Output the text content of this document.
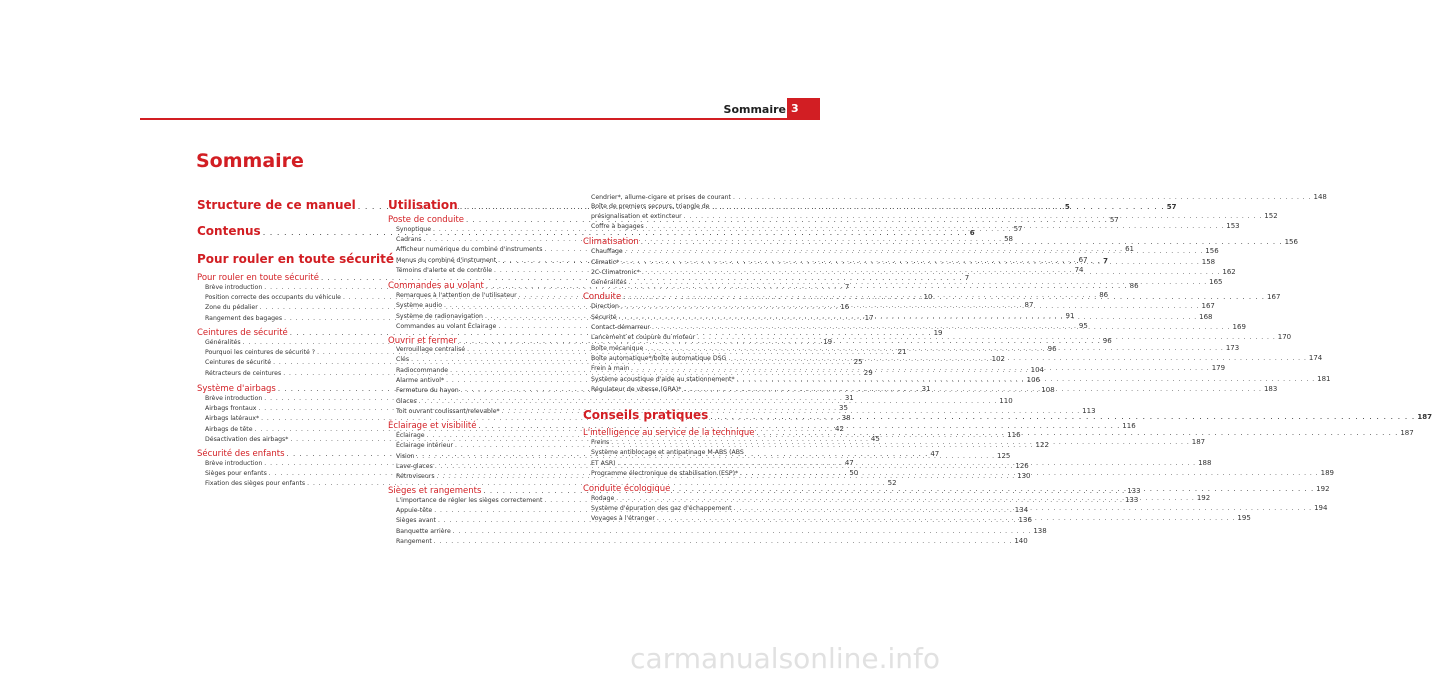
Sommaire 3
Sommaire
Structure de ce manuel . . .	5
Contenus . . .	6
Pour rouler en toute sécurité . . .	7
Pour rouler en toute sécurité . . .	7
Brève introduction . . .	7
Position correcte des occupants du véhicule . . .	10
Zone du pédalier . . .	16
Rangement des bagages . . .	17
Ceintures de sécurité . . .	19
Généralités . . .	19
Pourquoi les ceintures de sécurité ? . . .	21
Ceintures de sécurité . . .	25
Rétracteurs de ceintures . . .	29
Système d'airbags . . .	31
Brève introduction . . .	31
Airbags frontaux . . .	35
Airbags latéraux* . . .	38
Airbags de tête . . .	42
Désactivation des airbags* . . .	45
Sécurité des enfants . . .	47
Brève introduction . . .	47
Sièges pour enfants . . .	50
Fixation des sièges pour enfants . . .	52
Utilisation . . .	57
Poste de conduite . . .	57
Synoptique . . .	57
Cadrans . . .	58
Afficheur numérique du combiné d'instruments . . .	61
Menus du combiné d'instrument . . .	67
Témoins d'alerte et de contrôle . . .	74
Commandes au volant . . .	86
Remarques à l'attention de l'utilisateur . . .	86
Système audio . . .	87
Système de radionavigation . . .	91
Commandes au volant Éclairage . . .	95
Ouvrir et fermer . . .	96
Verrouillage centralisé . . .	96
Clés . . .	102
Radiocommande . . .	104
Alarme antivol* . . .	106
Fermeture du hayon . . .	108
Glaces . . .	110
Toit ouvrant coulissant/relevable* . . .	113
Éclairage et visibilité . . .	116
Éclairage . . .	116
Éclairage intérieur . . .	122
Vision . . .	125
Lave-glaces . . .	126
Rétroviseurs . . .	130
Sièges et rangements . . .	133
L'importance de régler les sièges correctement . . .	133
Appuie-tête . . .	134
Sièges avant . . .	136
Banquette arrière . . .	138
Rangement . . .	140
Cendrier*, allume-cigare et prises de courant . . .	148
Boîte de premiers secours, triangle de
présignalisation et extincteur . . .	152
Coffre à bagages . . .	153
Climatisation . . .	156
Chauffage . . .	156
Climatic* . . .	158
2C-Climatronic* . . .	162
Généralités . . .	165
Conduite . . .	167
Direction . . .	167
Sécurité . . .	168
Contact-démarreur . . .	169
Lancement et coupure du moteur . . .	170
Boîte mécanique . . .	173
Boîte automatique*/boîte automatique DSG . . .	174
Frein à main . . .	179
Système acoustique d'aide au stationnement* . . .	181
Régulateur de vitesse (GRA)* . . .	183
Conseils pratiques . . .	187
L'intelligence au service de la technique . . .	187
Freins . . .	187
Système antiblocage et antipatinage M-ABS (ABS
ET ASR) . . .	188
Programme électronique de stabilisation (ESP)* . . .	189
Conduite écologique . . .	192
Rodage . . .	192
Système d'épuration des gaz d'échappement . . .	194
Voyages à l'étranger . . .	195
carmanualsonline.info
